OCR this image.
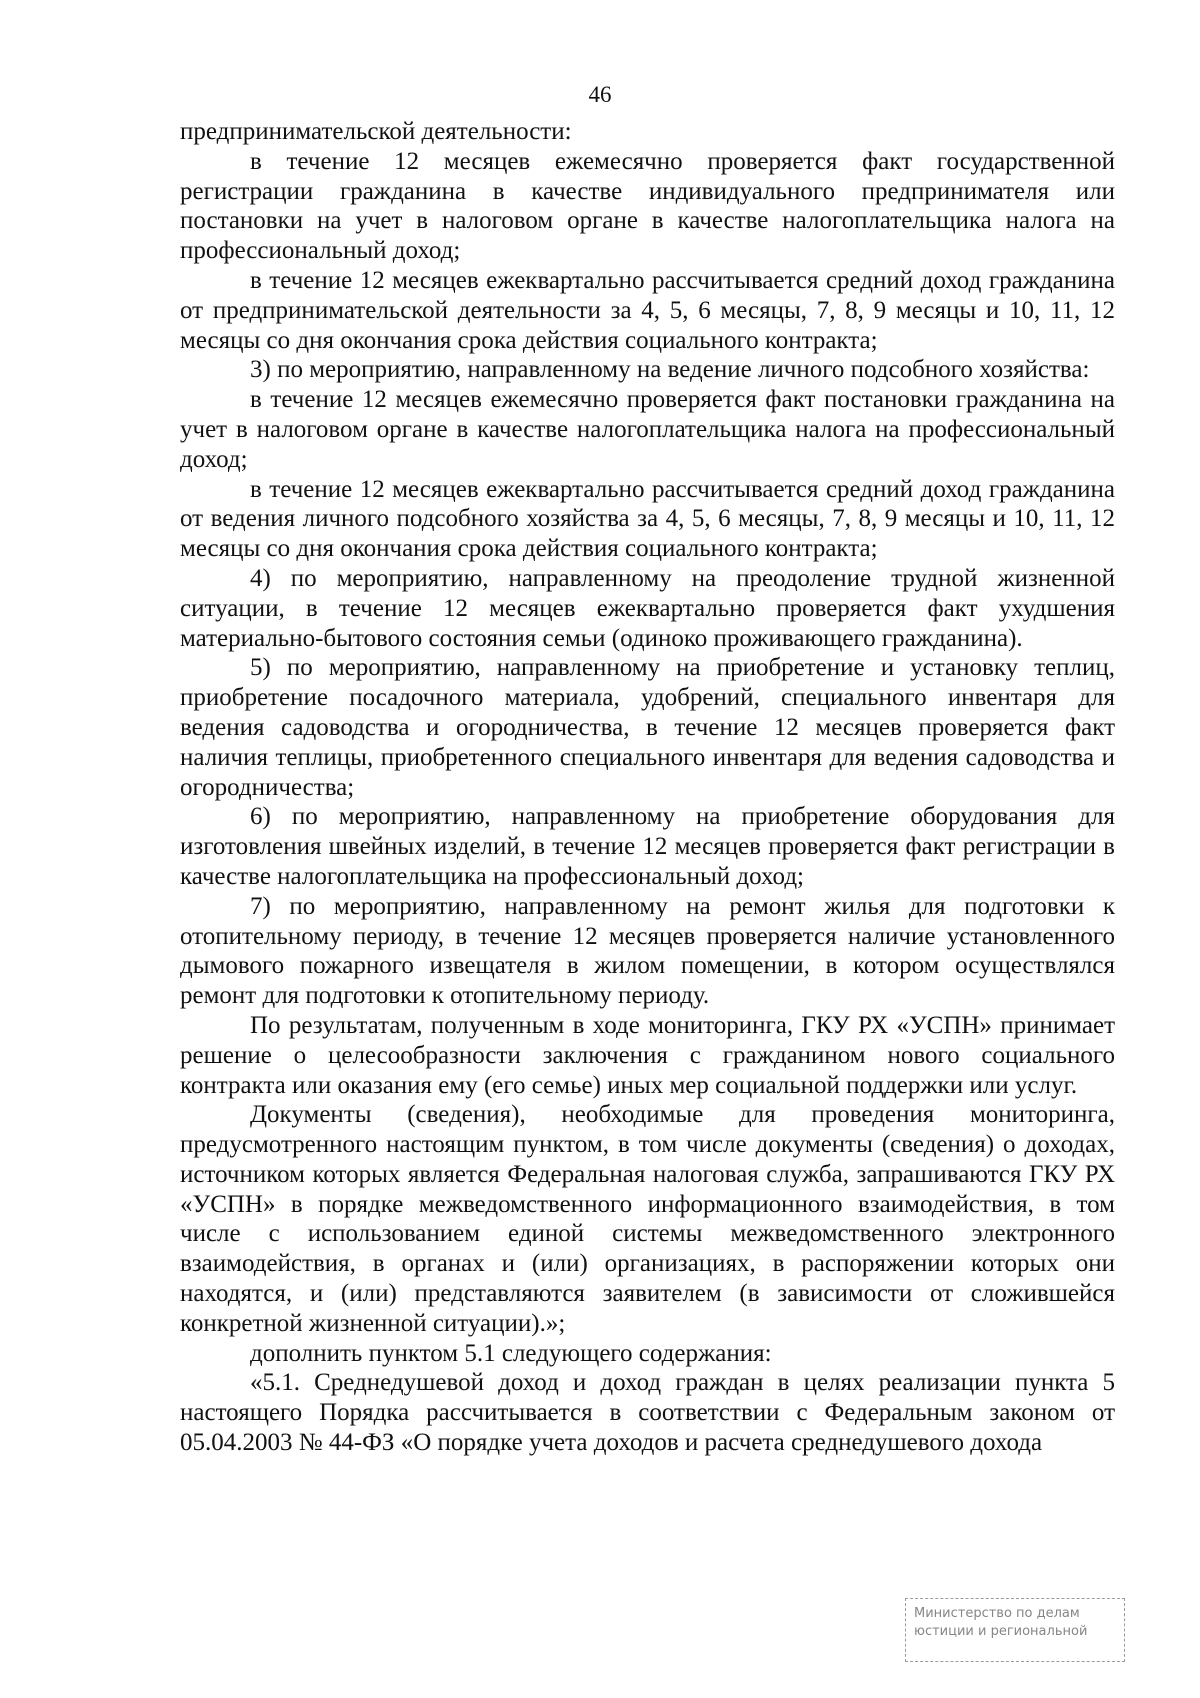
46

предпринимательской деятельности:

в течение 12 месяцев ежемесячно проверяется факт государственной регистрации гражданина в качестве индивидуального предпринимателя или постановки на учет в налоговом органе в качестве налогоплательщика налога на профессиональный доход;

в течение 12 месяцев ежеквартально рассчитывается средний доход гражданина от предпринимательской деятельности за 4, 5, 6 месяцы, 7, 8, 9 месяцы и 10, 11, 12 месяцы со дня окончания срока действия социального контракта;

3) по мероприятию, направленному на ведение личного подсобного хозяйства:

в течение 12 месяцев ежемесячно проверяется факт постановки гражданина на учет в налоговом органе в качестве налогоплательщика налога на профессиональный доход;

в течение 12 месяцев ежеквартально рассчитывается средний доход гражданина от ведения личного подсобного хозяйства за 4, 5, 6 месяцы, 7, 8, 9 месяцы и 10, 11, 12 месяцы со дня окончания срока действия социального контракта;

4) по мероприятию, направленному на преодоление трудной жизненной ситуации, в течение 12 месяцев ежеквартально проверяется факт ухудшения материально-бытового состояния семьи (одиноко проживающего гражданина).

5) по мероприятию, направленному на приобретение и установку теплиц, приобретение посадочного материала, удобрений, специального инвентаря для ведения садоводства и огородничества, в течение 12 месяцев проверяется факт наличия теплицы, приобретенного специального инвентаря для ведения садоводства и огородничества;

6) по мероприятию, направленному на приобретение оборудования для изготовления швейных изделий, в течение 12 месяцев проверяется факт регистрации в качестве налогоплательщика на профессиональный доход;

7) по мероприятию, направленному на ремонт жилья для подготовки к отопительному периоду, в течение 12 месяцев проверяется наличие установленного дымового пожарного извещателя в жилом помещении, в котором осуществлялся ремонт для подготовки к отопительному периоду.

По результатам, полученным в ходе мониторинга, ГКУ РХ «УСПН» принимает решение о целесообразности заключения с гражданином нового социального контракта или оказания ему (его семье) иных мер социальной поддержки или услуг.

Документы (сведения), необходимые для проведения мониторинга, предусмотренного настоящим пунктом, в том числе документы (сведения) о доходах, источником которых является Федеральная налоговая служба, запрашиваются ГКУ РХ «УСПН» в порядке межведомственного информационного взаимодействия, в том числе с использованием единой системы межведомственного электронного взаимодействия, в органах и (или) организациях, в распоряжении которых они находятся, и (или) представляются заявителем (в зависимости от сложившейся конкретной жизненной ситуации).»;

дополнить пунктом 5.1 следующего содержания:

«5.1. Среднедушевой доход и доход граждан в целях реализации пункта 5 настоящего Порядка рассчитывается в соответствии с Федеральным законом от 05.04.2003 № 44-ФЗ «О порядке учета доходов и расчета среднедушевого дохода

Министерство по делам
юстиции и региональной
